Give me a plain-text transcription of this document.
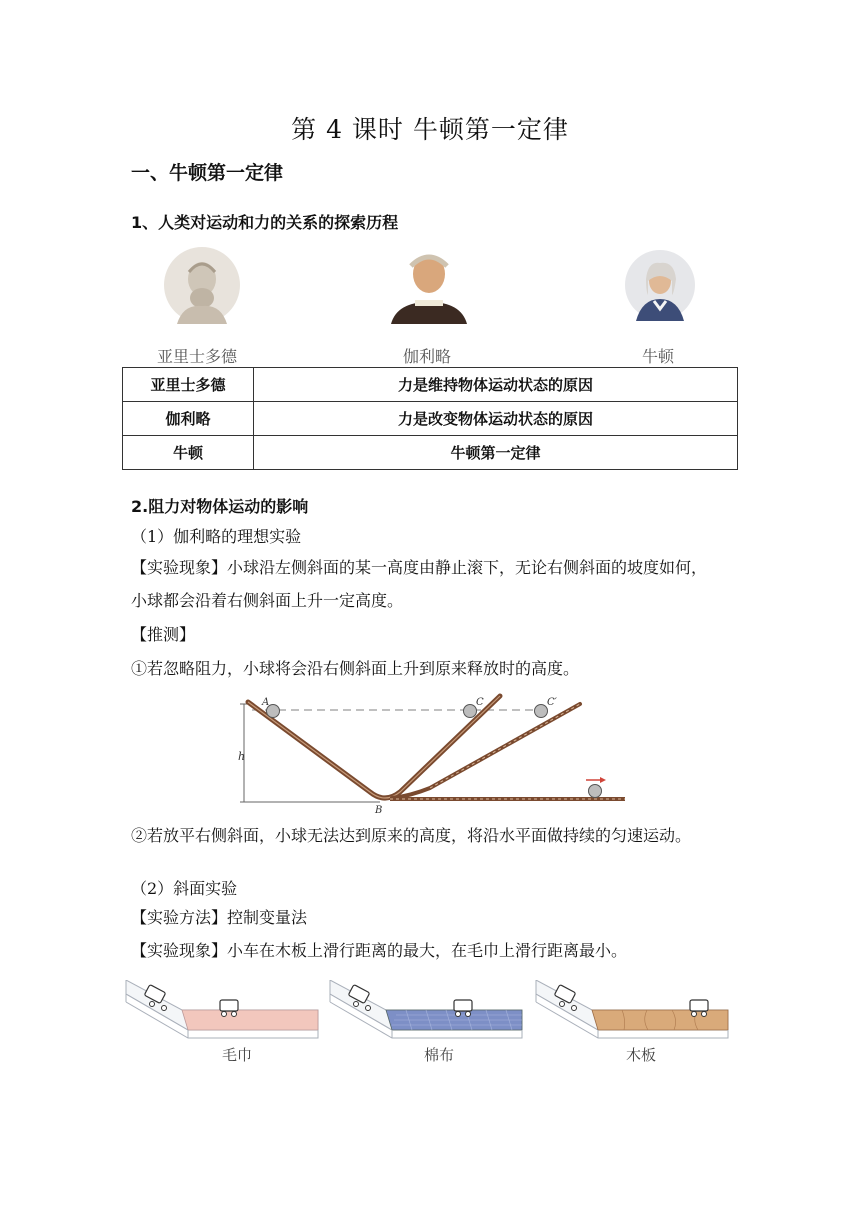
第 4 课时 牛顿第一定律
一、牛顿第一定律
1、人类对运动和力的关系的探索历程
亚里士多德	伽利略	牛顿
亚里士多德	力是维持物体运动状态的原因
伽利略	力是改变物体运动状态的原因
牛顿	牛顿第一定律
2.阻力对物体运动的影响
（1）伽利略的理想实验
【实验现象】小球沿左侧斜面的某一高度由静止滚下，无论右侧斜面的坡度如何，
小球都会沿着右侧斜面上升一定高度。
【推测】
①若忽略阻力，小球将会沿右侧斜面上升到原来释放时的高度。
h
A	C	C′
B
②若放平右侧斜面，小球无法达到原来的高度，将沿水平面做持续的匀速运动。
（2）斜面实验
【实验方法】控制变量法
【实验现象】小车在木板上滑行距离的最大，在毛巾上滑行距离最小。
毛巾	棉布	木板
